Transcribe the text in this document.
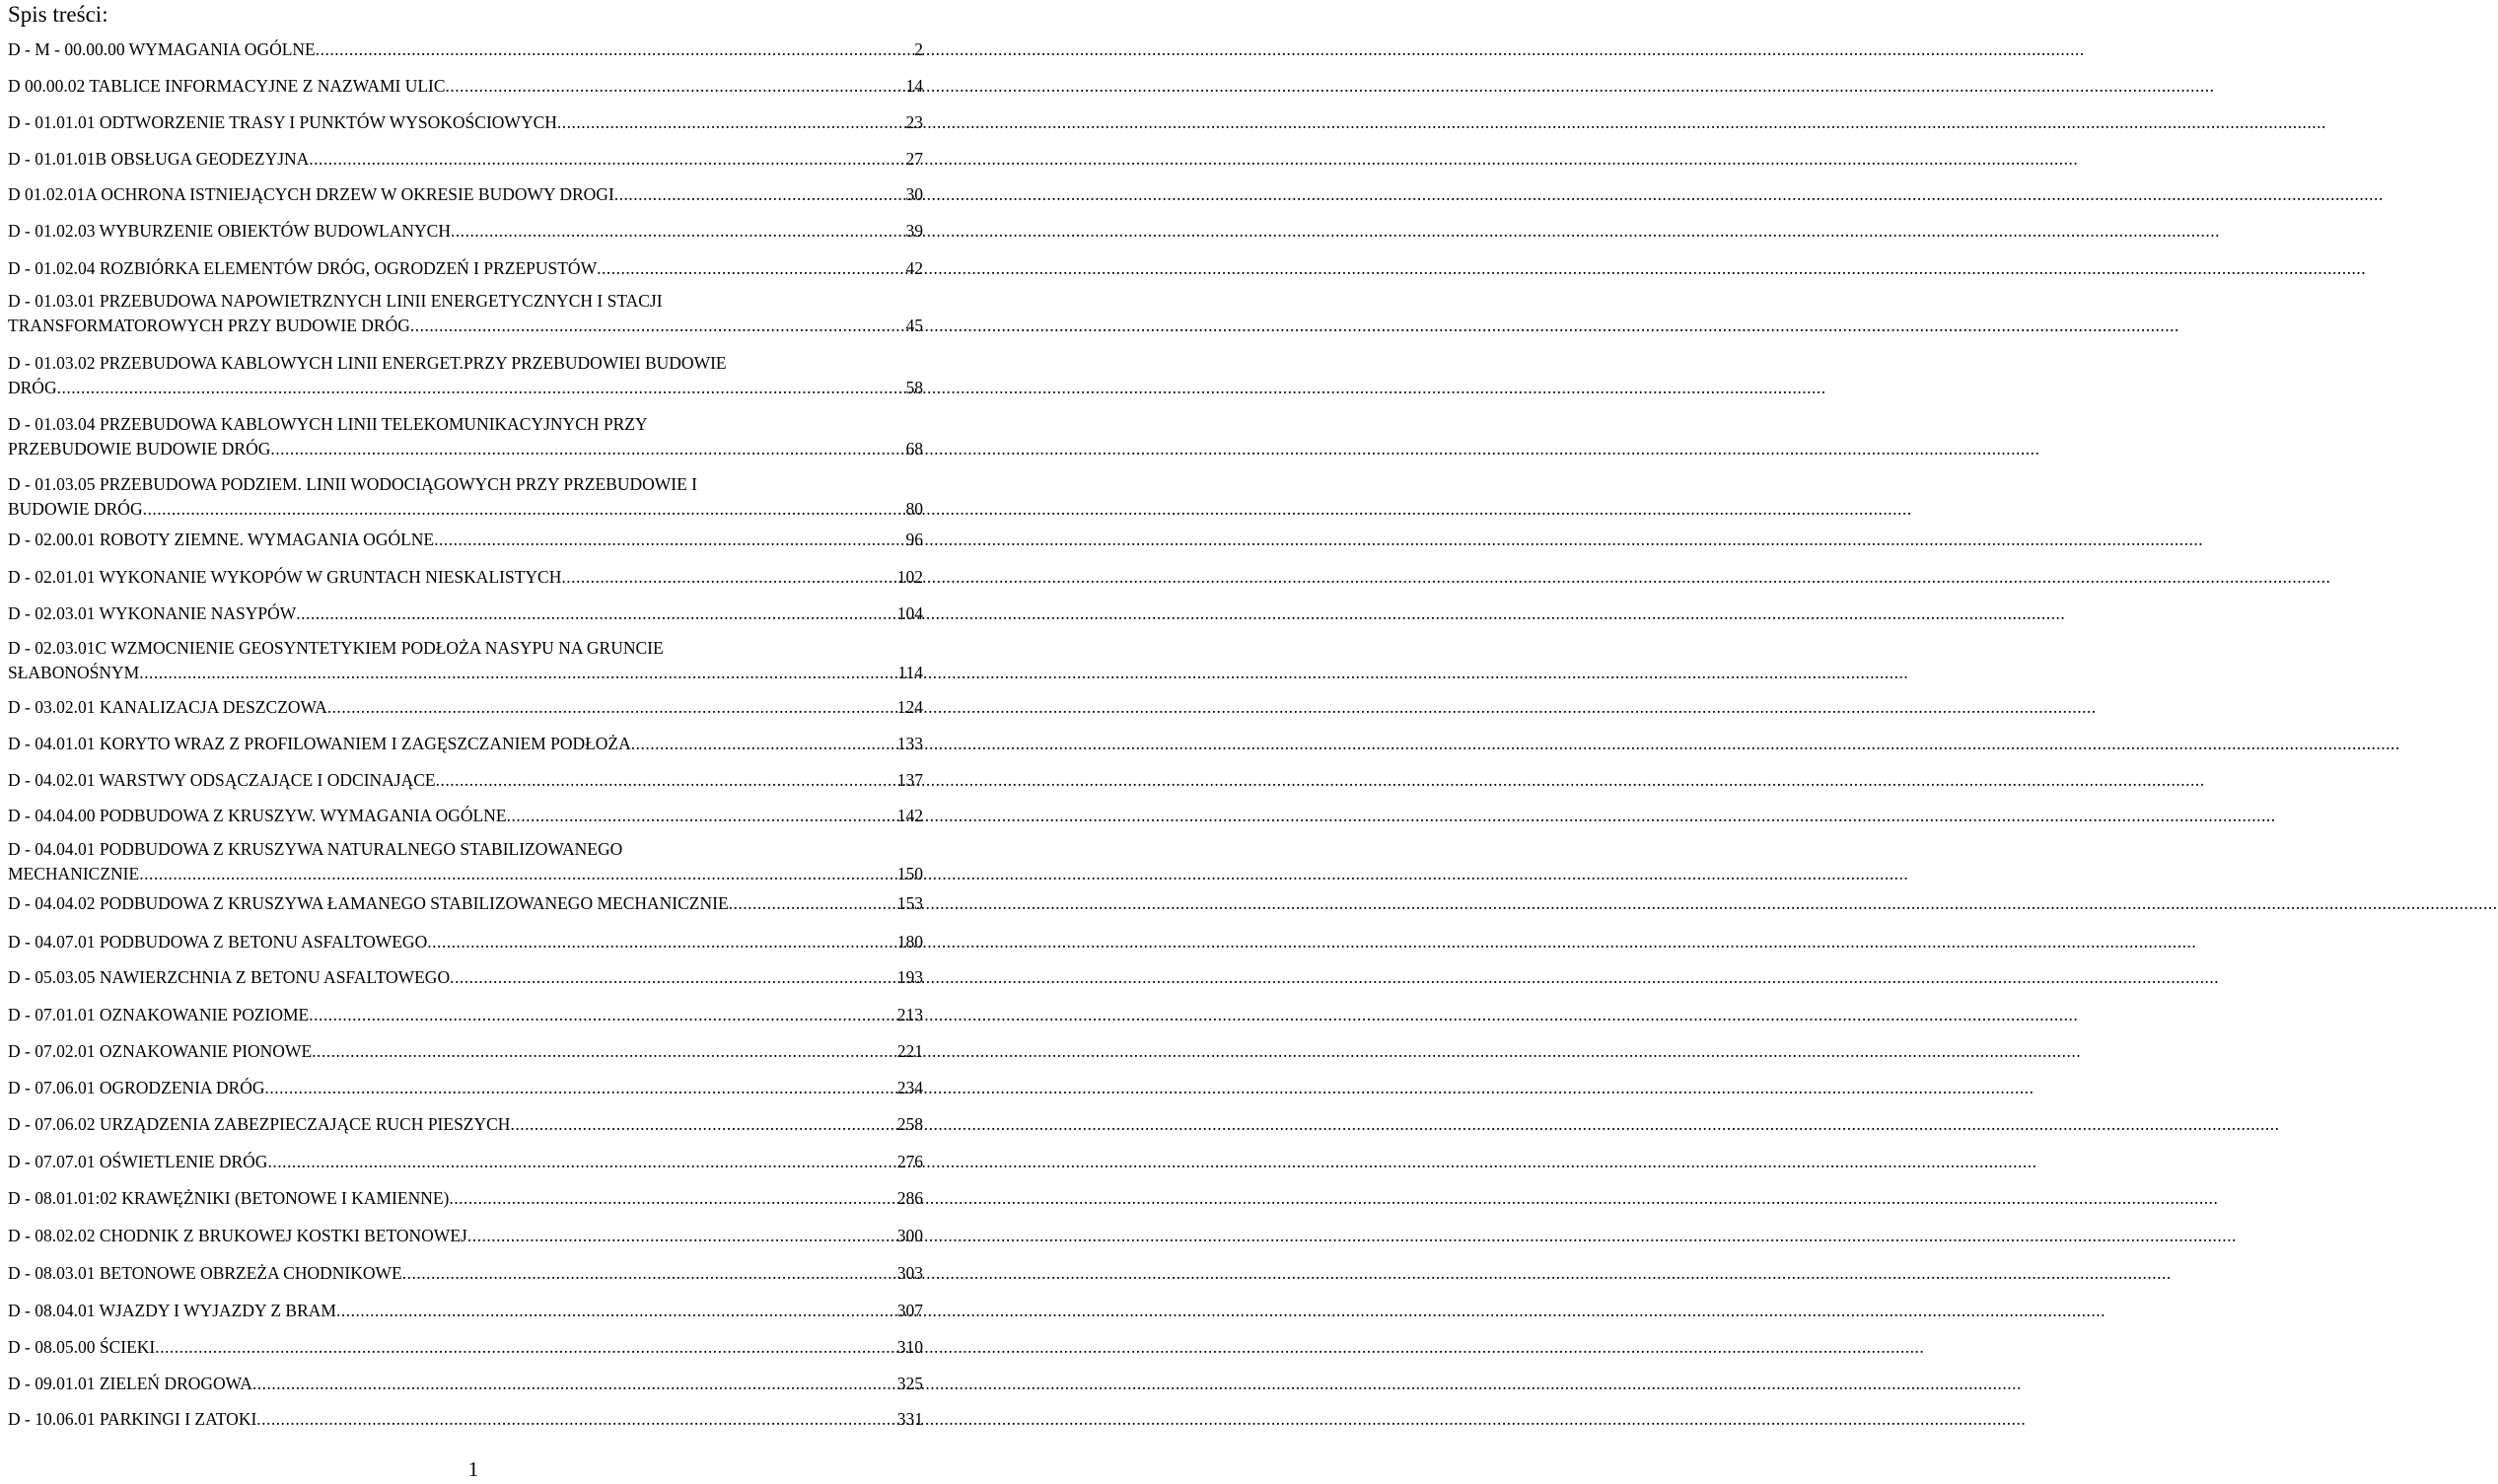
Spis treści:
D - M - 00.00.00 WYMAGANIA OGÓLNE .....	2
D 00.00.02 TABLICE INFORMACYJNE Z NAZWAMI ULIC .....	14
D - 01.01.01 ODTWORZENIE TRASY I PUNKTÓW WYSOKOŚCIOWYCH .....	23
D - 01.01.01B OBSŁUGA GEODEZYJNA .....	27
D 01.02.01A OCHRONA ISTNIEJĄCYCH DRZEW W OKRESIE BUDOWY DROGI .....	30
D - 01.02.03 WYBURZENIE OBIEKTÓW BUDOWLANYCH .....	39
D - 01.02.04 ROZBIÓRKA ELEMENTÓW DRÓG, OGRODZEŃ I PRZEPUSTÓW .....	42
D - 01.03.01 PRZEBUDOWA NAPOWIETRZNYCH LINII ENERGETYCZNYCH I STACJI
TRANSFORMATOROWYCH PRZY BUDOWIE DRÓG .....	45
D - 01.03.02 PRZEBUDOWA KABLOWYCH LINII ENERGET.PRZY PRZEBUDOWIEI BUDOWIE
DRÓG .....	58
D - 01.03.04 PRZEBUDOWA KABLOWYCH LINII TELEKOMUNIKACYJNYCH PRZY
PRZEBUDOWIE BUDOWIE DRÓG .....	68
D - 01.03.05 PRZEBUDOWA PODZIEM. LINII WODOCIĄGOWYCH PRZY PRZEBUDOWIE I
BUDOWIE DRÓG .....	80
D - 02.00.01 ROBOTY ZIEMNE. WYMAGANIA OGÓLNE .....	96
D - 02.01.01 WYKONANIE WYKOPÓW W GRUNTACH NIESKALISTYCH .....	102
D - 02.03.01 WYKONANIE NASYPÓW .....	104
D - 02.03.01C WZMOCNIENIE GEOSYNTETYKIEM PODŁOŻA NASYPU NA GRUNCIE
SŁABONOŚNYM .....	114
D - 03.02.01 KANALIZACJA DESZCZOWA .....	124
D - 04.01.01 KORYTO WRAZ Z PROFILOWANIEM I ZAGĘSZCZANIEM PODŁOŻA .....	133
D - 04.02.01 WARSTWY ODSĄCZAJĄCE I ODCINAJĄCE .....	137
D - 04.04.00 PODBUDOWA Z KRUSZYW. WYMAGANIA OGÓLNE .....	142
D - 04.04.01 PODBUDOWA Z KRUSZYWA NATURALNEGO STABILIZOWANEGO
MECHANICZNIE .....	150
D - 04.04.02 PODBUDOWA Z KRUSZYWA ŁAMANEGO STABILIZOWANEGO MECHANICZNIE .....	153
D - 04.07.01 PODBUDOWA Z BETONU ASFALTOWEGO .....	180
D - 05.03.05 NAWIERZCHNIA Z BETONU ASFALTOWEGO .....	193
D - 07.01.01 OZNAKOWANIE POZIOME .....	213
D - 07.02.01 OZNAKOWANIE PIONOWE .....	221
D - 07.06.01 OGRODZENIA DRÓG .....	234
D - 07.06.02 URZĄDZENIA ZABEZPIECZAJĄCE RUCH PIESZYCH .....	258
D - 07.07.01 OŚWIETLENIE DRÓG .....	276
D - 08.01.01:02 KRAWĘŻNIKI (BETONOWE I KAMIENNE) .....	286
D - 08.02.02 CHODNIK Z BRUKOWEJ KOSTKI BETONOWEJ .....	300
D - 08.03.01 BETONOWE OBRZEŻA CHODNIKOWE .....	303
D - 08.04.01 WJAZDY I WYJAZDY Z BRAM .....	307
D - 08.05.00 ŚCIEKI .....	310
D - 09.01.01 ZIELEŃ DROGOWA .....	325
D - 10.06.01 PARKINGI I ZATOKI .....	331
1
